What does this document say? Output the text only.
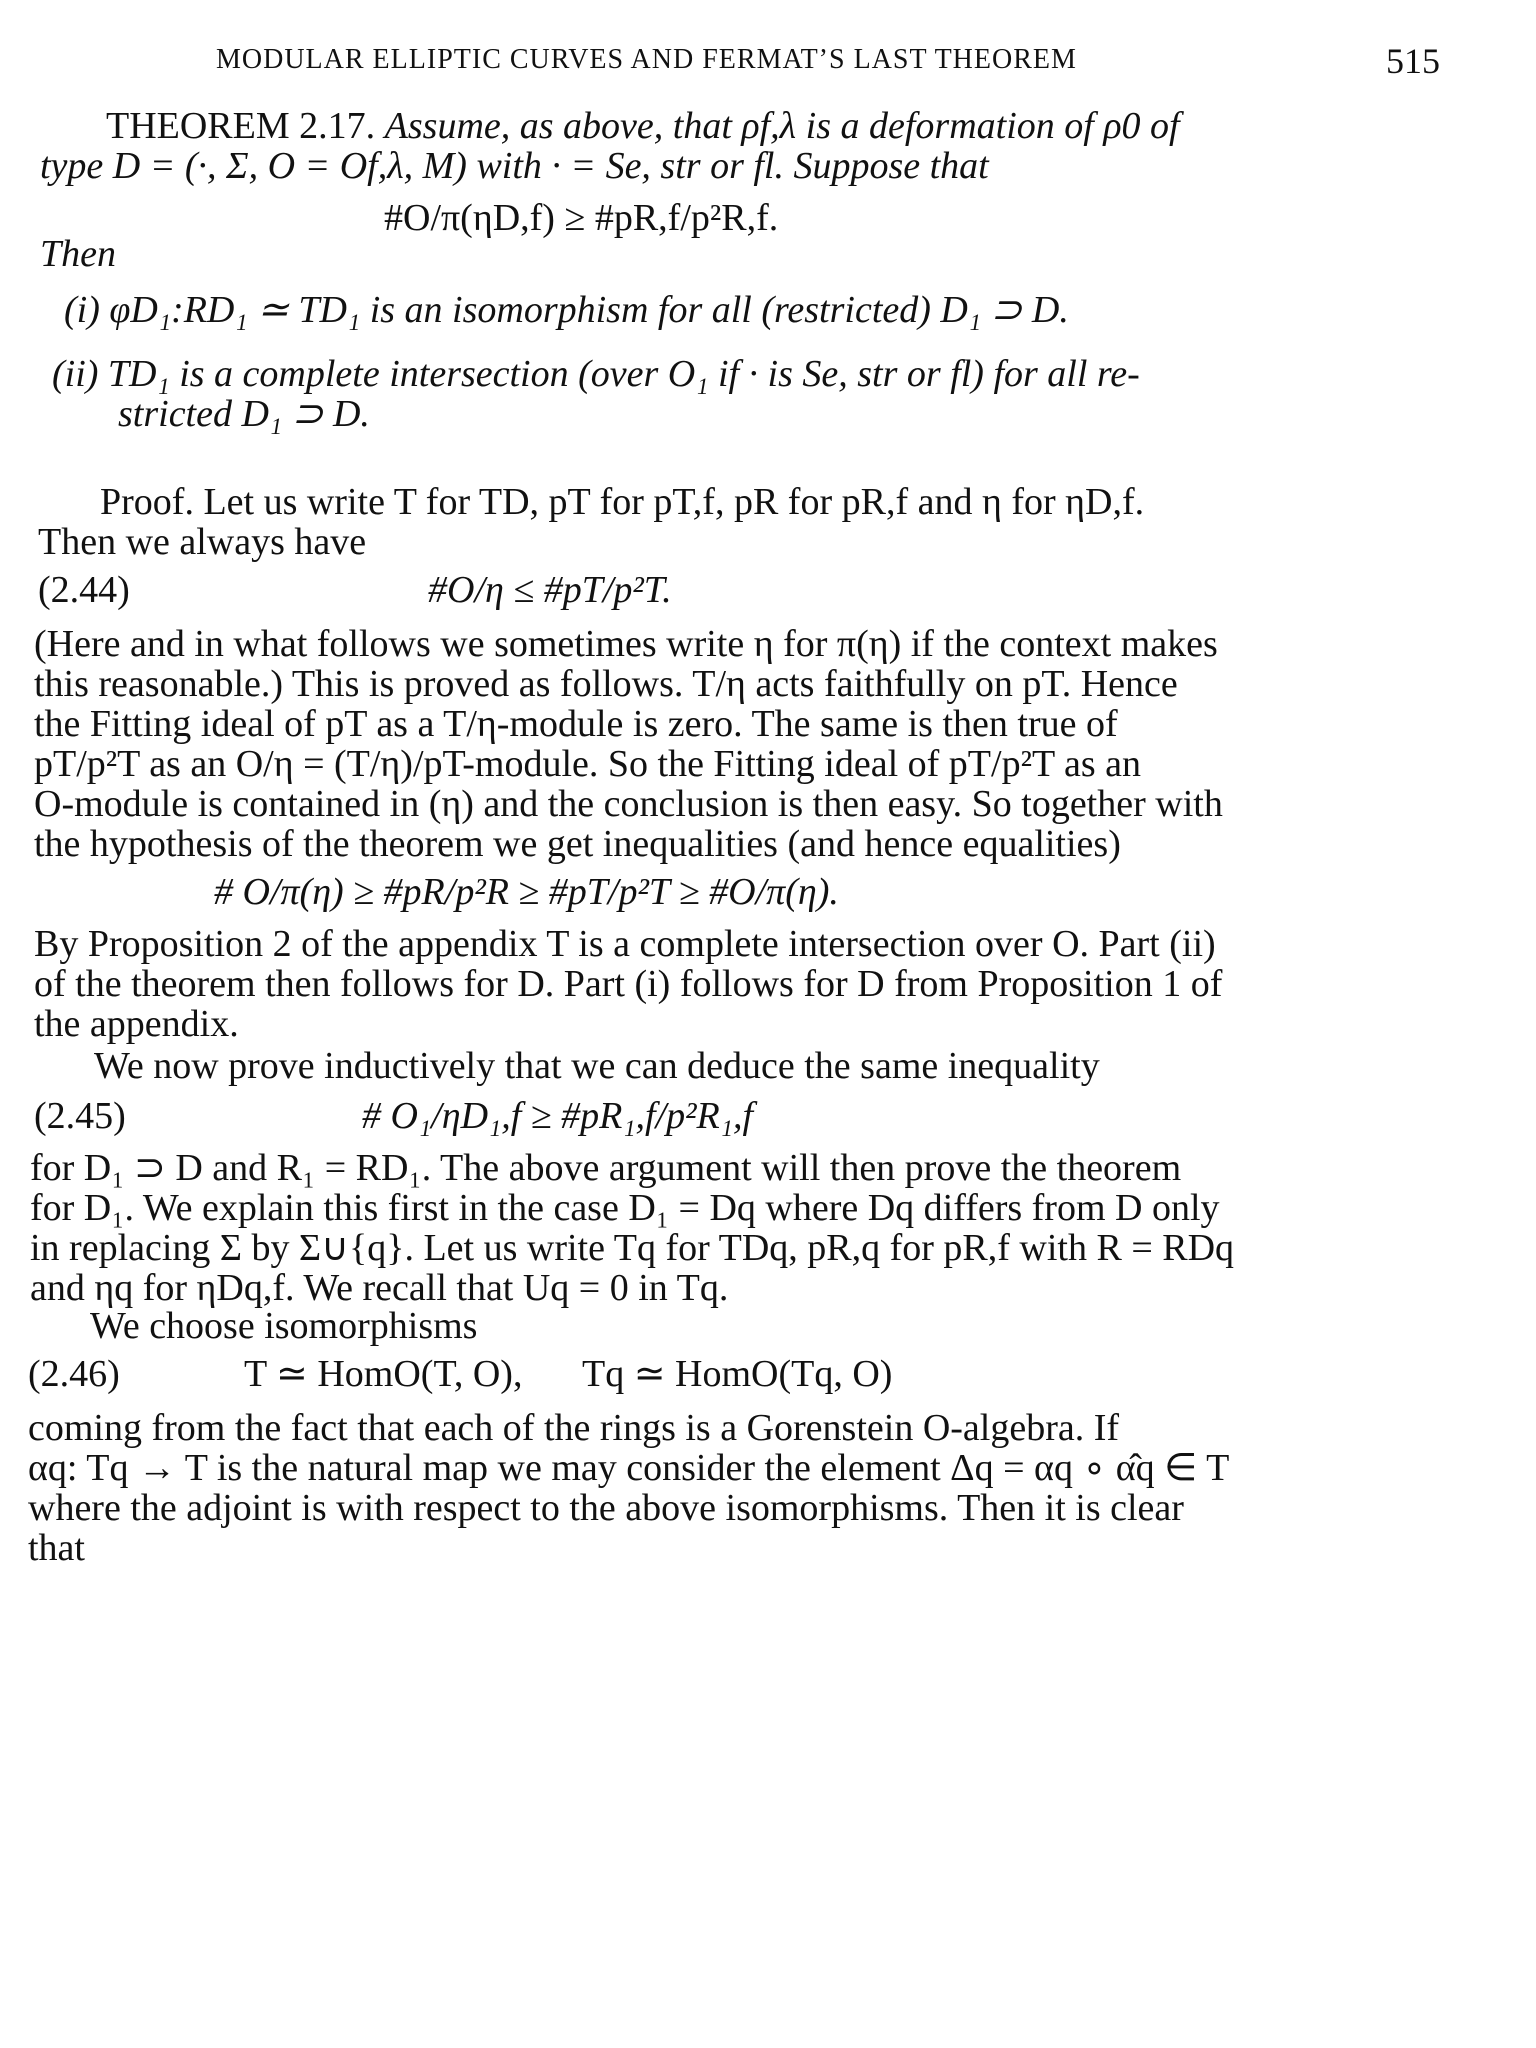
MODULAR ELLIPTIC CURVES AND FERMAT’S LAST THEOREM	515
THEOREM 2.17. Assume, as above, that ρf,λ is a deformation of ρ0 of
type D = (·, Σ, O = Of,λ, M) with · = Se, str or fl. Suppose that
#O/π(ηD,f) ≥ #pR,f/p²R,f.
Then
(i) φD₁:RD₁ ≃ TD₁ is an isomorphism for all (restricted) D₁ ⊃ D.
(ii) TD₁ is a complete intersection (over O₁ if · is Se, str or fl) for all re-
stricted D₁ ⊃ D.
Proof. Let us write T for TD, pT for pT,f, pR for pR,f and η for ηD,f.
Then we always have
(2.44)	#O/η ≤ #pT/p²T.
(Here and in what follows we sometimes write η for π(η) if the context makes
this reasonable.) This is proved as follows. T/η acts faithfully on pT. Hence
the Fitting ideal of pT as a T/η-module is zero. The same is then true of
pT/p²T as an O/η = (T/η)/pT-module. So the Fitting ideal of pT/p²T as an
O-module is contained in (η) and the conclusion is then easy. So together with
the hypothesis of the theorem we get inequalities (and hence equalities)
# O/π(η) ≥ #pR/p²R ≥ #pT/p²T ≥ #O/π(η).
By Proposition 2 of the appendix T is a complete intersection over O. Part (ii)
of the theorem then follows for D. Part (i) follows for D from Proposition 1 of
the appendix.
We now prove inductively that we can deduce the same inequality
(2.45)	# O₁/ηD₁,f ≥ #pR₁,f/p²R₁,f
for D₁ ⊃ D and R₁ = RD₁. The above argument will then prove the theorem
for D₁. We explain this first in the case D₁ = Dq where Dq differs from D only
in replacing Σ by Σ∪{q}. Let us write Tq for TDq, pR,q for pR,f with R = RDq
and ηq for ηDq,f. We recall that Uq = 0 in Tq.
We choose isomorphisms
(2.46)	T ≃ HomO(T, O), Tq ≃ HomO(Tq, O)
coming from the fact that each of the rings is a Gorenstein O-algebra. If
αq: Tq → T is the natural map we may consider the element Δq = αq ∘ α̂q ∈ T
where the adjoint is with respect to the above isomorphisms. Then it is clear
that
